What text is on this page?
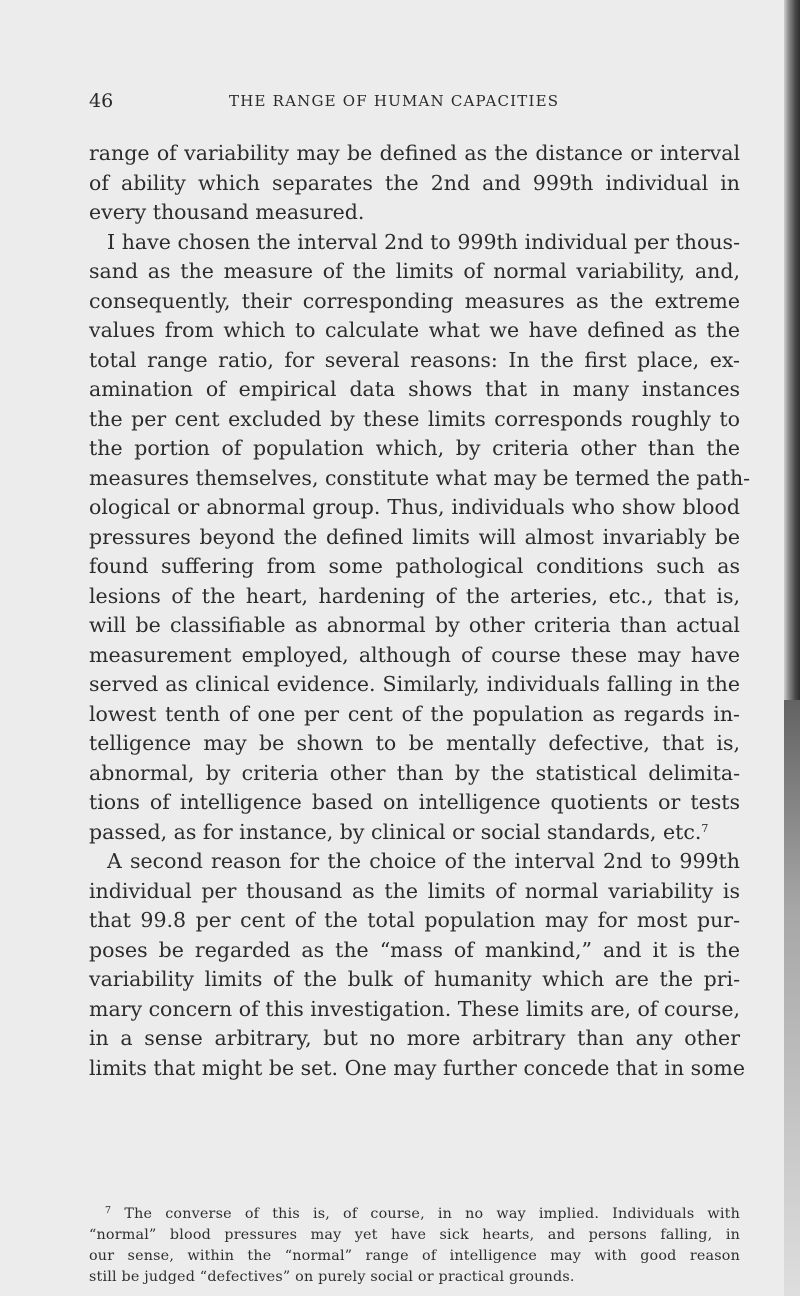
46	THE RANGE OF HUMAN CAPACITIES
range of variability may be defined as the distance or interval
of ability which separates the 2nd and 999th individual in
every thousand measured.
I have chosen the interval 2nd to 999th individual per thous-
sand as the measure of the limits of normal variability, and,
consequently, their corresponding measures as the extreme
values from which to calculate what we have defined as the
total range ratio, for several reasons: In the first place, ex-
amination of empirical data shows that in many instances
the per cent excluded by these limits corresponds roughly to
the portion of population which, by criteria other than the
measures themselves, constitute what may be termed the path-
ological or abnormal group. Thus, individuals who show blood
pressures beyond the defined limits will almost invariably be
found suffering from some pathological conditions such as
lesions of the heart, hardening of the arteries, etc., that is,
will be classifiable as abnormal by other criteria than actual
measurement employed, although of course these may have
served as clinical evidence. Similarly, individuals falling in the
lowest tenth of one per cent of the population as regards in-
telligence may be shown to be mentally defective, that is,
abnormal, by criteria other than by the statistical delimita-
tions of intelligence based on intelligence quotients or tests
passed, as for instance, by clinical or social standards, etc.$^7$
A second reason for the choice of the interval 2nd to 999th
individual per thousand as the limits of normal variability is
that 99.8 per cent of the total population may for most pur-
poses be regarded as the “mass of mankind,” and it is the
variability limits of the bulk of humanity which are the pri-
mary concern of this investigation. These limits are, of course,
in a sense arbitrary, but no more arbitrary than any other
limits that might be set. One may further concede that in some
$^7$ The converse of this is, of course, in no way implied. Individuals with
“normal” blood pressures may yet have sick hearts, and persons falling, in
our sense, within the “normal” range of intelligence may with good reason
still be judged “defectives” on purely social or practical grounds.
